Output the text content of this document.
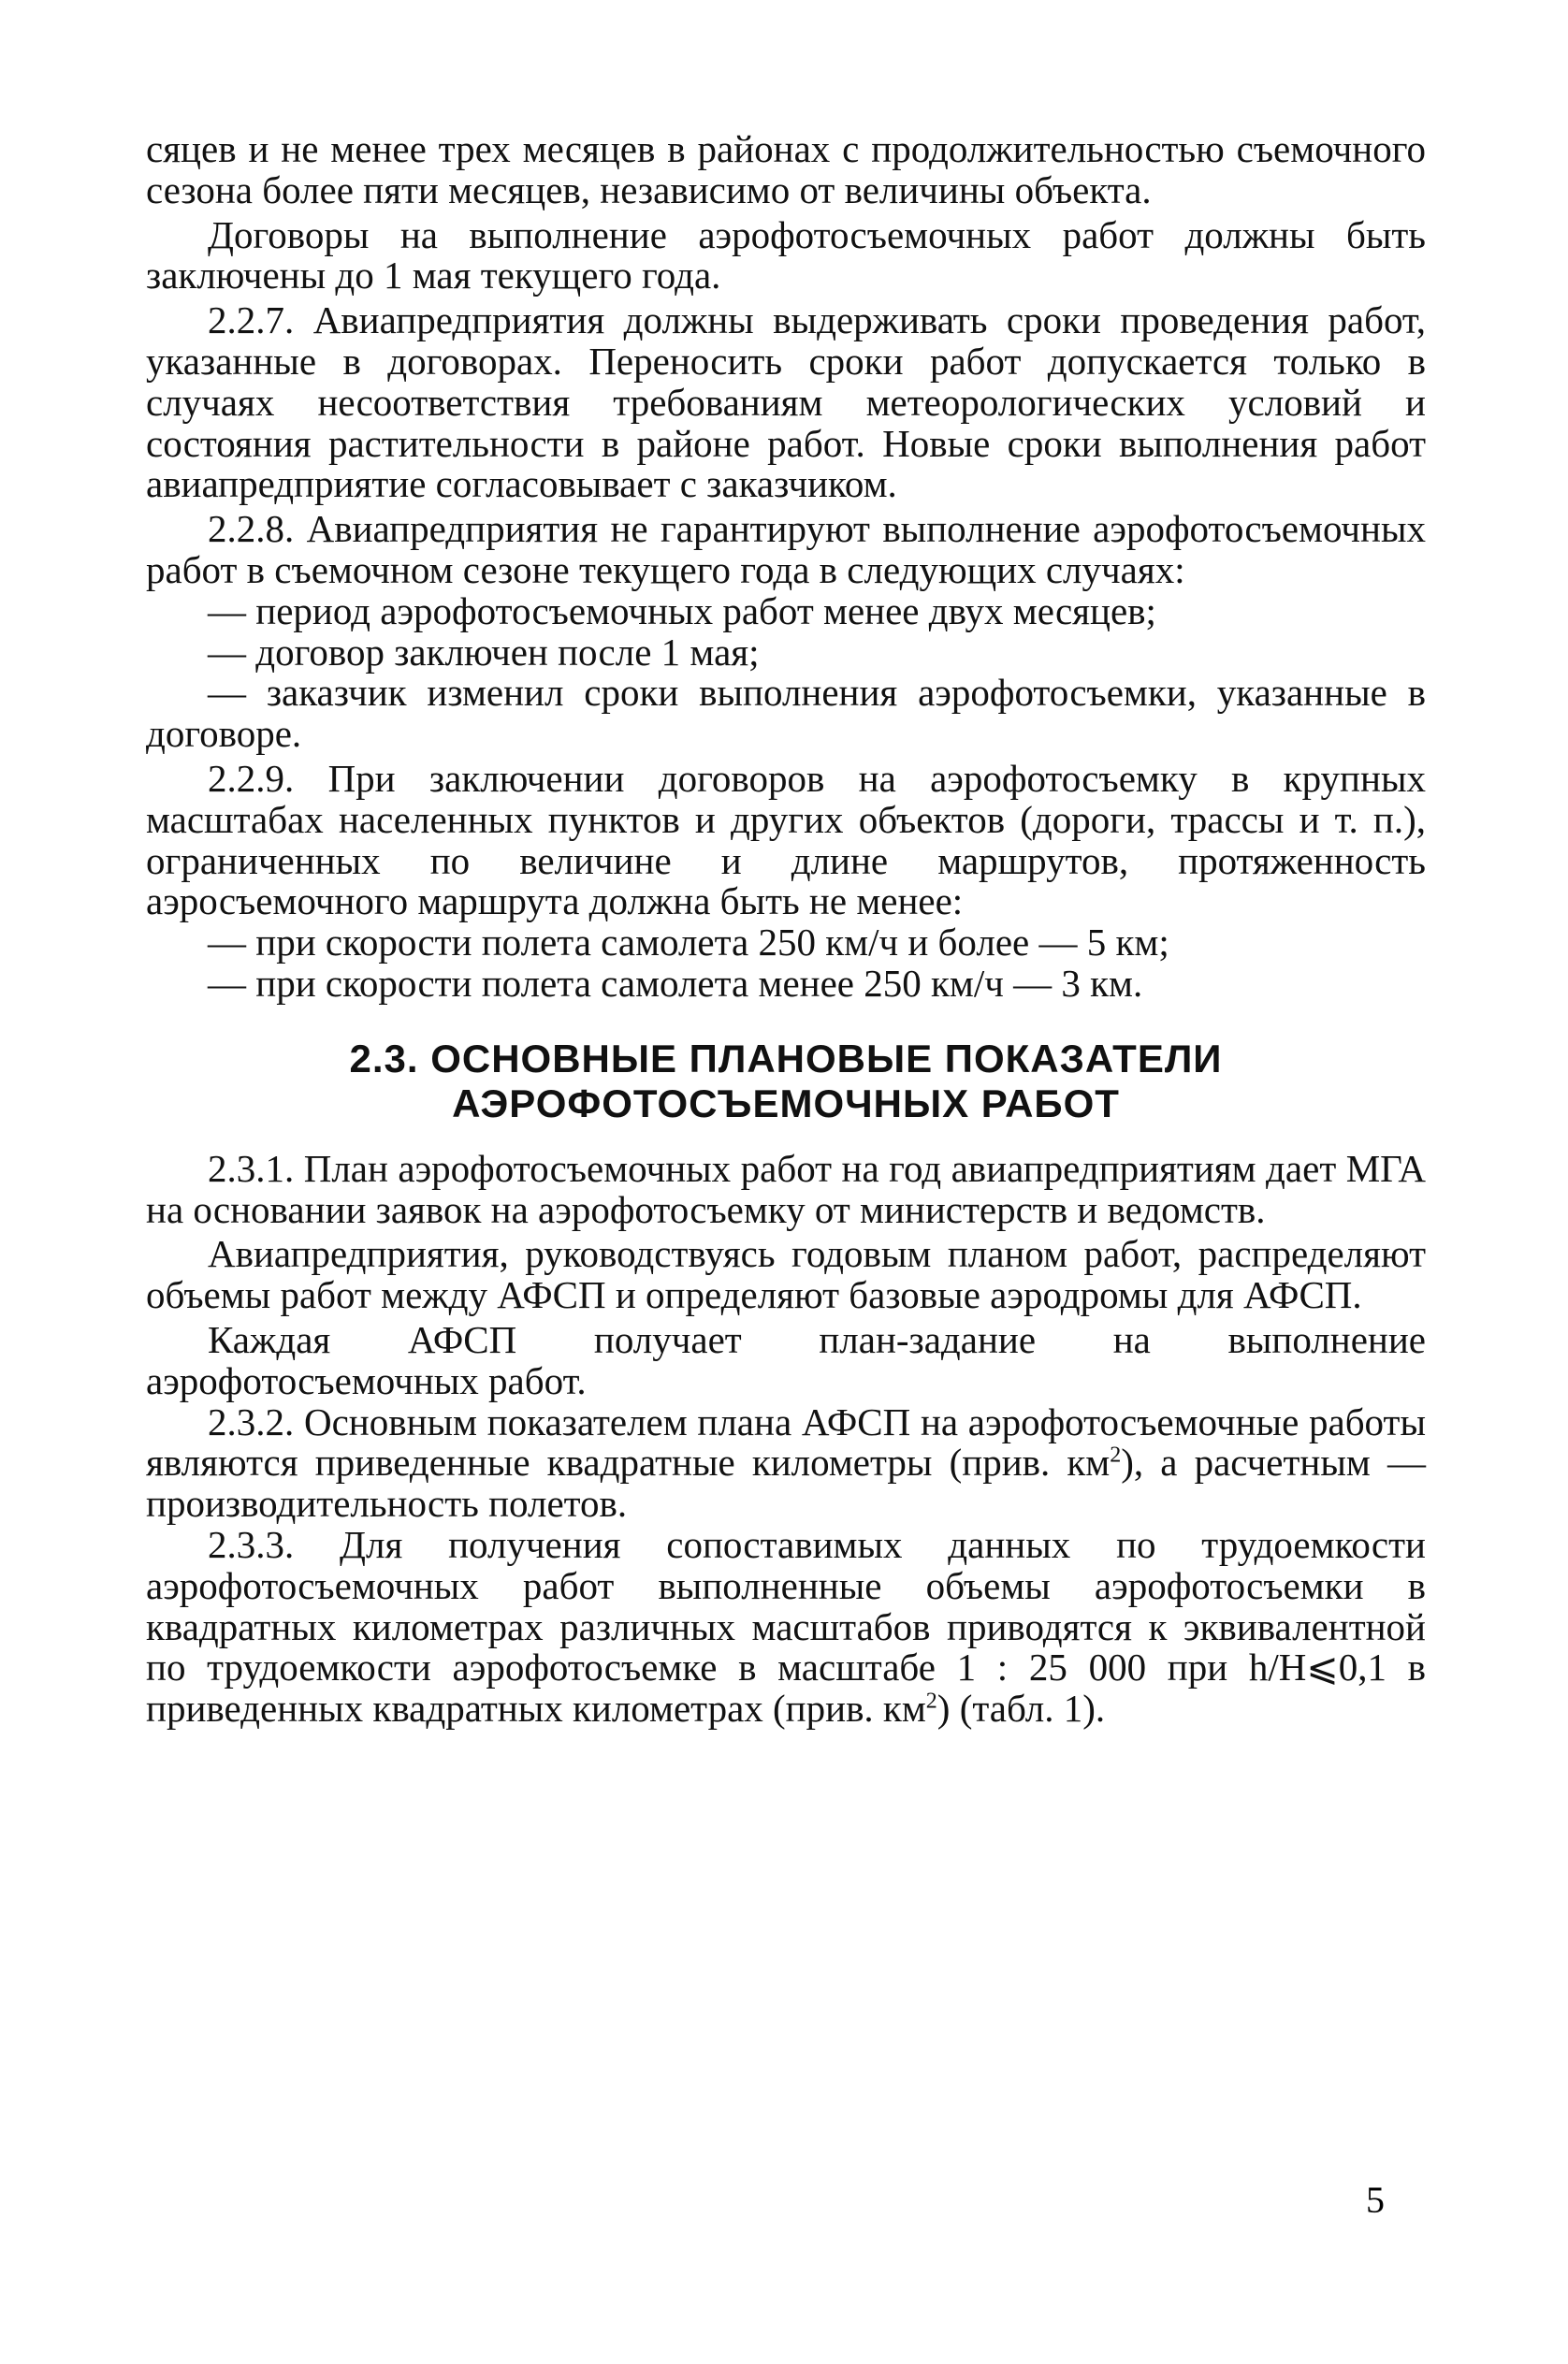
сяцев и не менее трех месяцев в районах с продолжительностью съемочного сезона более пяти месяцев, независимо от величины объекта.

Договоры на выполнение аэрофотосъемочных работ должны быть заключены до 1 мая текущего года.

2.2.7. Авиапредприятия должны выдерживать сроки проведения работ, указанные в договорах. Переносить сроки работ допускается только в случаях несоответствия требованиям метеорологических условий и состояния растительности в районе работ. Новые сроки выполнения работ авиапредприятие согласовывает с заказчиком.

2.2.8. Авиапредприятия не гарантируют выполнение аэрофотосъемочных работ в съемочном сезоне текущего года в следующих случаях:

— период аэрофотосъемочных работ менее двух месяцев;

— договор заключен после 1 мая;

— заказчик изменил сроки выполнения аэрофотосъемки, указанные в договоре.

2.2.9. При заключении договоров на аэрофотосъемку в крупных масштабах населенных пунктов и других объектов (дороги, трассы и т. п.), ограниченных по величине и длине маршрутов, протяженность аэросъемочного маршрута должна быть не менее:

— при скорости полета самолета 250 км/ч и более — 5 км;

— при скорости полета самолета менее 250 км/ч — 3 км.

2.3. ОСНОВНЫЕ ПЛАНОВЫЕ ПОКАЗАТЕЛИ
АЭРОФОТОСЪЕМОЧНЫХ РАБОТ

2.3.1. План аэрофотосъемочных работ на год авиапредприятиям дает МГА на основании заявок на аэрофотосъемку от министерств и ведомств.

Авиапредприятия, руководствуясь годовым планом работ, распределяют объемы работ между АФСП и определяют базовые аэродромы для АФСП.

Каждая АФСП получает план-задание на выполнение аэрофотосъемочных работ.

2.3.2. Основным показателем плана АФСП на аэрофотосъемочные работы являются приведенные квадратные километры (прив. $км^2$), а расчетным — производительность полетов.

2.3.3. Для получения сопоставимых данных по трудоемкости аэрофотосъемочных работ выполненные объемы аэрофотосъемки в квадратных километрах различных масштабов приводятся к эквивалентной по трудоемкости аэрофотосъемке в масштабе 1 : 25 000 при h/H⩽0,1 в приведенных квадратных километрах (прив. $км^2$) (табл. 1).

5
